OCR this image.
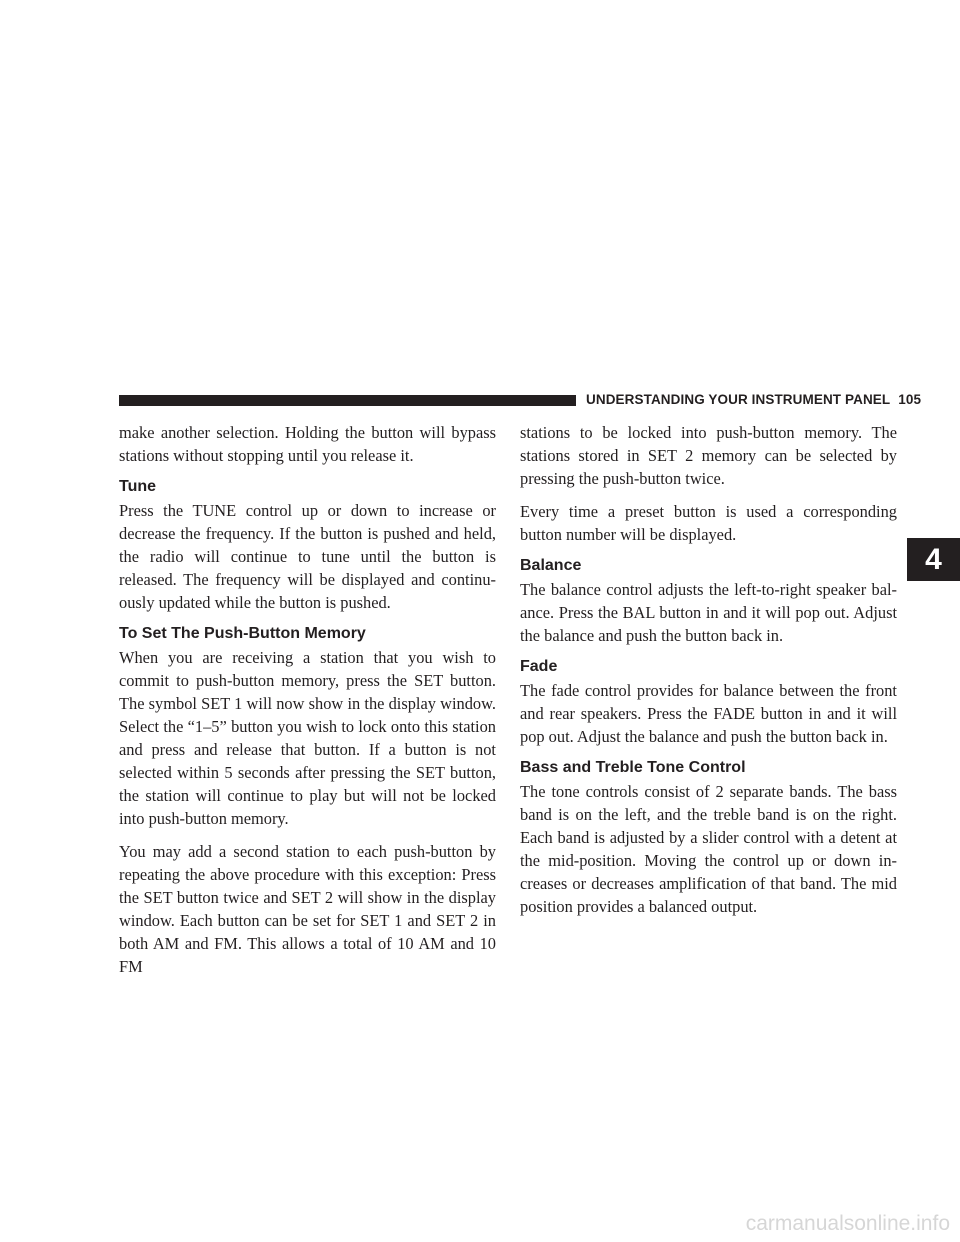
UNDERSTANDING YOUR INSTRUMENT PANEL 105

make another selection. Holding the button will bypass stations without stopping until you release it.

Tune

Press the TUNE control up or down to increase or decrease the frequency. If the button is pushed and held, the radio will continue to tune until the button is released. The frequency will be displayed and continuously updated while the button is pushed.

To Set The Push-Button Memory

When you are receiving a station that you wish to commit to push-button memory, press the SET button. The symbol SET 1 will now show in the display window. Select the “1–5” button you wish to lock onto this station and press and release that button. If a button is not selected within 5 seconds after pressing the SET button, the station will continue to play but will not be locked into push-button memory.

You may add a second station to each push-button by repeating the above procedure with this exception: Press the SET button twice and SET 2 will show in the display window. Each button can be set for SET 1 and SET 2 in both AM and FM. This allows a total of 10 AM and 10 FM

stations to be locked into push-button memory. The stations stored in SET 2 memory can be selected by pressing the push-button twice.

Every time a preset button is used a corresponding button number will be displayed.

Balance

The balance control adjusts the left-to-right speaker balance. Press the BAL button in and it will pop out. Adjust the balance and push the button back in.

Fade

The fade control provides for balance between the front and rear speakers. Press the FADE button in and it will pop out. Adjust the balance and push the button back in.

Bass and Treble Tone Control

The tone controls consist of 2 separate bands. The bass band is on the left, and the treble band is on the right. Each band is adjusted by a slider control with a detent at the mid-position. Moving the control up or down increases or decreases amplification of that band. The mid position provides a balanced output.

4
carmanualsonline.info
